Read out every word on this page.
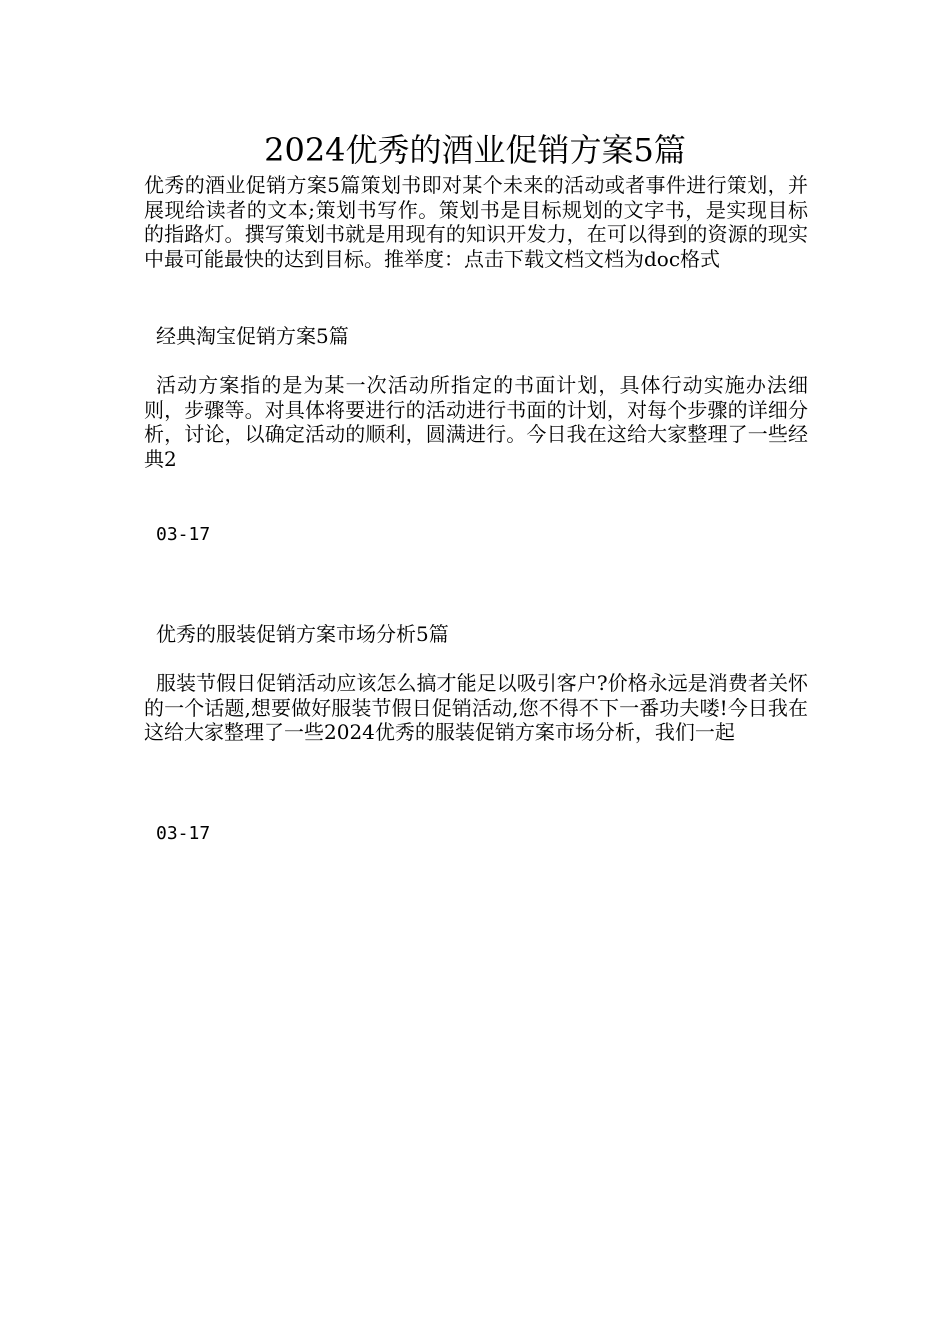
2024优秀的酒业促销方案5篇
优秀的酒业促销方案5篇策划书即对某个未来的活动或者事件进行策划，并展现给读者的文本;策划书写作。策划书是目标规划的文字书，是实现目标的指路灯。撰写策划书就是用现有的知识开发力，在可以得到的资源的现实中最可能最快的达到目标。推举度：点击下载文档文档为doc格式
经典淘宝促销方案5篇
活动方案指的是为某一次活动所指定的书面计划，具体行动实施办法细则，步骤等。对具体将要进行的活动进行书面的计划，对每个步骤的详细分析，讨论，以确定活动的顺利，圆满进行。今日我在这给大家整理了一些经典2
03-17
优秀的服装促销方案市场分析5篇
服装节假日促销活动应该怎么搞才能足以吸引客户?价格永远是消费者关怀的一个话题,想要做好服装节假日促销活动,您不得不下一番功夫喽!今日我在这给大家整理了一些2024优秀的服装促销方案市场分析，我们一起
03-17
